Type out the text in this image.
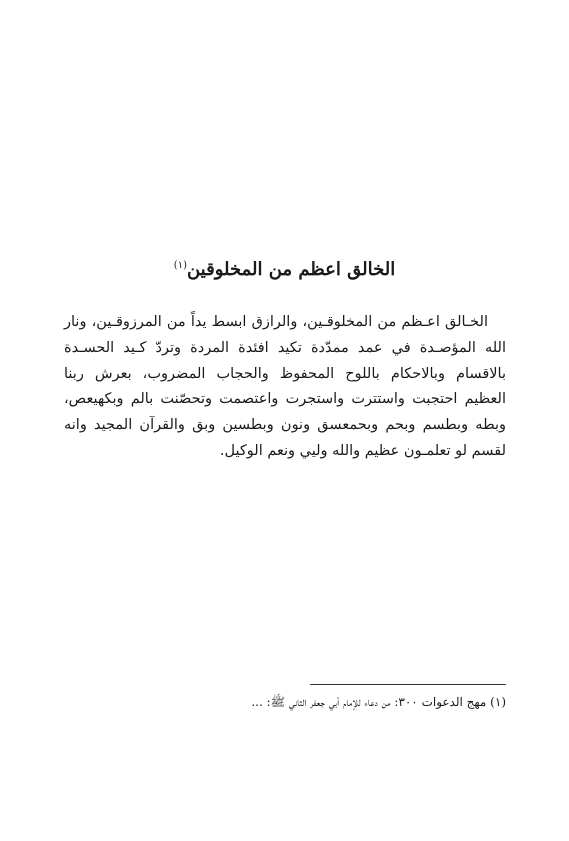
الخالق اعظم من المخلوقين$^{(١)}$

الخـالق اعـظم من المخلوقـين، والرازق ابسط يداً من المرزوقـين، ونار الله المؤصـدة في عمد ممدّدة تكيد افئدة المردة وتردّ كـيد الحسـدة بالاقسام وبالاحكام باللوح المحفوظ والحجاب المضروب، بعرش ربنا العظيم احتجبت واستترت واستجرت واعتصمت وتحصّنت بالم وبكهيعص، وبطه وبطسم وبحم وبحمعسق ونون وبطسين وبق والقرآن المجيد وانه لقسم لو تعلمـون عظيم والله وليي ونعم الوكيل.

(١) مهج الدعوات ٣٠٠: من دعاء للإمام أبي جعفر الثاني ﷺ: ...
